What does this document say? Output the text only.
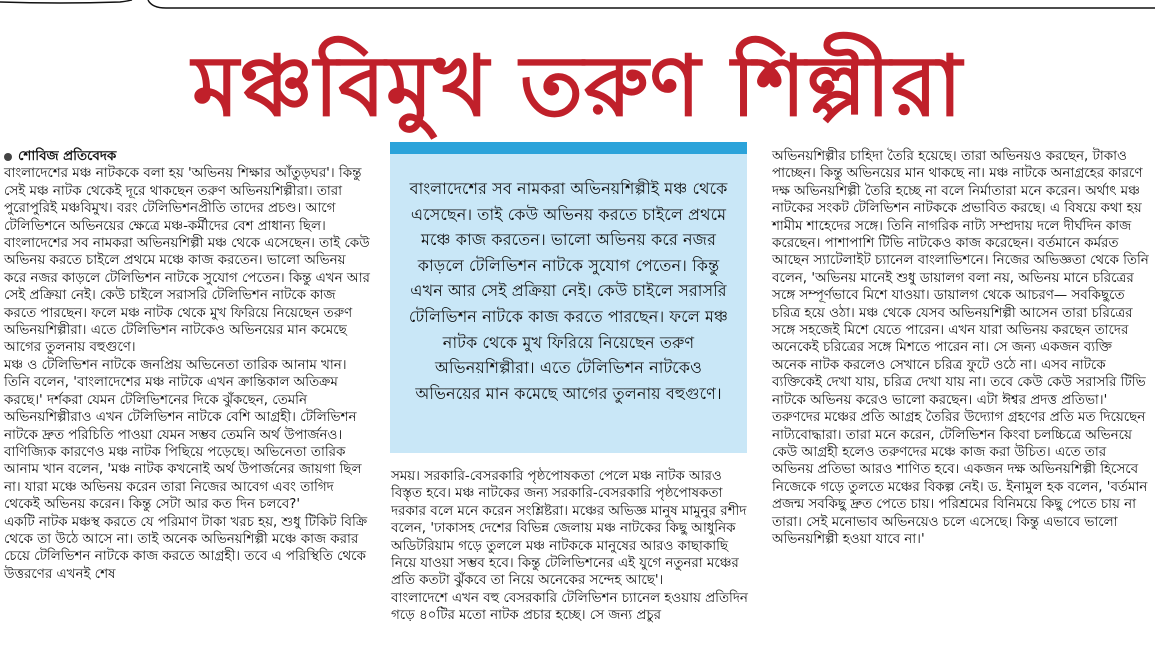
মঞ্চবিমুখ তরুণ শিল্পীরা
শোবিজ প্রতিবেদক

বাংলাদেশের মঞ্চ নাটককে বলা হয় 'অভিনয় শিক্ষার আঁতুড়ঘর'। কিন্তু সেই মঞ্চ নাটক থেকেই দূরে থাকছেন তরুণ অভিনয়শিল্পীরা। তারা পুরোপুরিই মঞ্চবিমুখ। বরং টেলিভিশনপ্রীতি তাদের প্রচণ্ড। আগে টেলিভিশনে অভিনয়ের ক্ষেত্রে মঞ্চ-কর্মীদের বেশ প্রাধান্য ছিল। বাংলাদেশের সব নামকরা অভিনয়শিল্পী মঞ্চ থেকে এসেছেন। তাই কেউ অভিনয় করতে চাইলে প্রথমে মঞ্চে কাজ করতেন। ভালো অভিনয় করে নজর কাড়লে টেলিভিশন নাটকে সুযোগ পেতেন। কিন্তু এখন আর সেই প্রক্রিয়া নেই। কেউ চাইলে সরাসরি টেলিভিশন নাটকে কাজ করতে পারছেন। ফলে মঞ্চ নাটক থেকে মুখ ফিরিয়ে নিয়েছেন তরুণ অভিনয়শিল্পীরা। এতে টেলিভিশন নাটকেও অভিনয়ের মান কমেছে আগের তুলনায় বহুগুণে।

মঞ্চ ও টেলিভিশন নাটকে জনপ্রিয় অভিনেতা তারিক আনাম খান। তিনি বলেন, 'বাংলাদেশের মঞ্চ নাটকে এখন ক্রান্তিকাল অতিক্রম করছে।' দর্শকরা যেমন টেলিভিশনের দিকে ঝুঁকছেন, তেমনি অভিনয়শিল্পীরাও এখন টেলিভিশন নাটকে বেশি আগ্রহী। টেলিভিশন নাটকে দ্রুত পরিচিতি পাওয়া যেমন সম্ভব তেমনি অর্থ উপার্জনও। বাণিজ্যিক কারণেও মঞ্চ নাটক পিছিয়ে পড়েছে। অভিনেতা তারিক আনাম খান বলেন, 'মঞ্চ নাটক কখনোই অর্থ উপার্জনের জায়গা ছিল না। যারা মঞ্চে অভিনয় করেন তারা নিজের আবেগ এবং তাগিদ থেকেই অভিনয় করেন। কিন্তু সেটা আর কত দিন চলবে?'

একটি নাটক মঞ্চস্থ করতে যে পরিমাণ টাকা খরচ হয়, শুধু টিকিট বিক্রি থেকে তা উঠে আসে না। তাই অনেক অভিনয়শিল্পী মঞ্চে কাজ করার চেয়ে টেলিভিশন নাটকে কাজ করতে আগ্রহী। তবে এ পরিস্থিতি থেকে উত্তরণের এখনই শেষ

বাংলাদেশের সব নামকরা অভিনয়শিল্পীই মঞ্চ থেকে এসেছেন। তাই কেউ অভিনয় করতে চাইলে প্রথমে মঞ্চে কাজ করতেন। ভালো অভিনয় করে নজর কাড়লে টেলিভিশন নাটকে সুযোগ পেতেন। কিন্তু এখন আর সেই প্রক্রিয়া নেই। কেউ চাইলে সরাসরি টেলিভিশন নাটকে কাজ করতে পারছেন। ফলে মঞ্চ নাটক থেকে মুখ ফিরিয়ে নিয়েছেন তরুণ অভিনয়শিল্পীরা। এতে টেলিভিশন নাটকেও অভিনয়ের মান কমেছে আগের তুলনায় বহুগুণে।

সময়। সরকারি-বেসরকারি পৃষ্ঠপোষকতা পেলে মঞ্চ নাটক আরও বিস্তৃত হবে। মঞ্চ নাটকের জন্য সরকারি-বেসরকারি পৃষ্ঠপোষকতা দরকার বলে মনে করেন সংশ্লিষ্টরা। মঞ্চের অভিজ্ঞ মানুষ মামুনুর রশীদ বলেন, 'ঢাকাসহ দেশের বিভিন্ন জেলায় মঞ্চ নাটকের কিছু আধুনিক অডিটরিয়াম গড়ে তুললে মঞ্চ নাটককে মানুষের আরও কাছাকাছি নিয়ে যাওয়া সম্ভব হবে। কিন্তু টেলিভিশনের এই যুগে নতুনরা মঞ্চের প্রতি কতটা ঝুঁকবে তা নিয়ে অনেকের সন্দেহ আছে'।

বাংলাদেশে এখন বহু বেসরকারি টেলিভিশন চ্যানেল হওয়ায় প্রতিদিন গড়ে ৪০টির মতো নাটক প্রচার হচ্ছে। সে জন্য প্রচুর

অভিনয়শিল্পীর চাহিদা তৈরি হয়েছে। তারা অভিনয়ও করছেন, টাকাও পাচ্ছেন। কিন্তু অভিনয়ের মান থাকছে না। মঞ্চ নাটকে অনাগ্রহের কারণে দক্ষ অভিনয়শিল্পী তৈরি হচ্ছে না বলে নির্মাতারা মনে করেন। অর্থাৎ মঞ্চ নাটকের সংকট টেলিভিশন নাটককে প্রভাবিত করছে। এ বিষয়ে কথা হয় শামীম শাহেদের সঙ্গে। তিনি নাগরিক নাট্য সম্প্রদায় দলে দীর্ঘদিন কাজ করেছেন। পাশাপাশি টিভি নাটকেও কাজ করেছেন। বর্তমানে কর্মরত আছেন স্যাটেলাইট চ্যানেল বাংলাভিশনে। নিজের অভিজ্ঞতা থেকে তিনি বলেন, 'অভিনয় মানেই শুধু ডায়ালগ বলা নয়, অভিনয় মানে চরিত্রের সঙ্গে সম্পূর্ণভাবে মিশে যাওয়া। ডায়ালগ থেকে আচরণ— সবকিছুতে চরিত্র হয়ে ওঠা। মঞ্চ থেকে যেসব অভিনয়শিল্পী আসেন তারা চরিত্রের সঙ্গে সহজেই মিশে যেতে পারেন। এখন যারা অভিনয় করছেন তাদের অনেকেই চরিত্রের সঙ্গে মিশতে পারেন না। সে জন্য একজন ব্যক্তি অনেক নাটক করলেও সেখানে চরিত্র ফুটে ওঠে না। এসব নাটকে ব্যক্তিকেই দেখা যায়, চরিত্র দেখা যায় না। তবে কেউ কেউ সরাসরি টিভি নাটকে অভিনয় করেও ভালো করছেন। এটা ঈশ্বর প্রদত্ত প্রতিভা।'

তরুণদের মঞ্চের প্রতি আগ্রহ তৈরির উদ্যোগ গ্রহণের প্রতি মত দিয়েছেন নাট্যবোদ্ধারা। তারা মনে করেন, টেলিভিশন কিংবা চলচ্চিত্রে অভিনয়ে কেউ আগ্রহী হলেও তরুণদের মঞ্চে কাজ করা উচিত। এতে তার অভিনয় প্রতিভা আরও শাণিত হবে। একজন দক্ষ অভিনয়শিল্পী হিসেবে নিজেকে গড়ে তুলতে মঞ্চের বিকল্প নেই। ড. ইনামুল হক বলেন, 'বর্তমান প্রজন্ম সবকিছু দ্রুত পেতে চায়। পরিশ্রমের বিনিময়ে কিছু পেতে চায় না তারা। সেই মনোভাব অভিনয়েও চলে এসেছে। কিন্তু এভাবে ভালো অভিনয়শিল্পী হওয়া যাবে না।'
